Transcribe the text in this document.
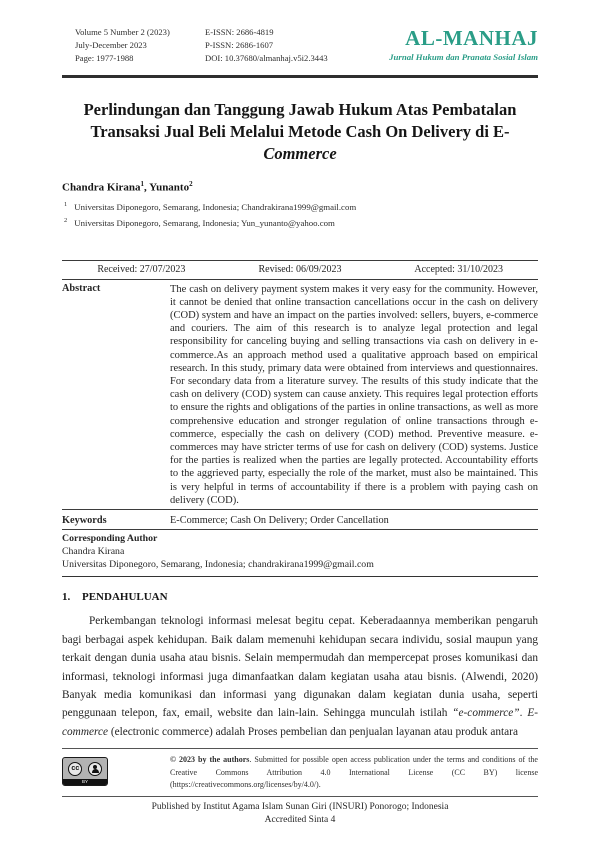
Volume 5 Number 2 (2023)
July-December 2023
Page: 1977-1988
E-ISSN: 2686-4819
P-ISSN: 2686-1607
DOI: 10.37680/almanhaj.v5i2.3443
AL-MANHAJ
Jurnal Hukum dan Pranata Sosial Islam
Perlindungan dan Tanggung Jawab Hukum Atas Pembatalan Transaksi Jual Beli Melalui Metode Cash On Delivery di E-Commerce
Chandra Kirana$^1$, Yunanto$^2$
$^1$ Universitas Diponegoro, Semarang, Indonesia; Chandrakirana1999@gmail.com
$^2$ Universitas Diponegoro, Semarang, Indonesia; Yun_yunanto@yahoo.com
Received: 27/07/2023	Revised: 06/09/2023	Accepted: 31/10/2023
Abstract	The cash on delivery payment system makes it very easy for the community. However, it cannot be denied that online transaction cancellations occur in the cash on delivery (COD) system and have an impact on the parties involved: sellers, buyers, e-commerce and couriers. The aim of this research is to analyze legal protection and legal responsibility for canceling buying and selling transactions via cash on delivery in e-commerce.As an approach method used a qualitative approach based on empirical research. In this study, primary data were obtained from interviews and questionnaires. For secondary data from a literature survey. The results of this study indicate that the cash on delivery (COD) system can cause anxiety. This requires legal protection efforts to ensure the rights and obligations of the parties in online transactions, as well as more comprehensive education and stronger regulation of online transactions through e-commerce, especially the cash on delivery (COD) method. Preventive measure. e-commerces may have stricter terms of use for cash on delivery (COD) systems. Justice for the parties is realized when the parties are legally protected. Accountability efforts to the aggrieved party, especially the role of the market, must also be maintained. This is very helpful in terms of accountability if there is a problem with paying cash on delivery (COD).
Keywords	E-Commerce; Cash On Delivery; Order Cancellation
Corresponding Author
Chandra Kirana
Universitas Diponegoro, Semarang, Indonesia; chandrakirana1999@gmail.com
1. PENDAHULUAN

Perkembangan teknologi informasi melesat begitu cepat. Keberadaannya memberikan pengaruh bagi berbagai aspek kehidupan. Baik dalam memenuhi kehidupan secara individu, sosial maupun yang terkait dengan dunia usaha atau bisnis. Selain mempermudah dan mempercepat proses komunikasi dan informasi, teknologi informasi juga dimanfaatkan dalam kegiatan usaha atau bisnis. (Alwendi, 2020) Banyak media komunikasi dan informasi yang digunakan dalam kegiatan dunia usaha, seperti penggunaan telepon, fax, email, website dan lain-lain. Sehingga munculah istilah “e-commerce”. E-commerce (electronic commerce) adalah Proses pembelian dan penjualan layanan atau produk antara

cc
BY
© 2023 by the authors. Submitted for possible open access publication under the terms and conditions of the Creative Commons Attribution 4.0 International License (CC BY) license (https://creativecommons.org/licenses/by/4.0/).
Published by Institut Agama Islam Sunan Giri (INSURI) Ponorogo; Indonesia
Accredited Sinta 4
